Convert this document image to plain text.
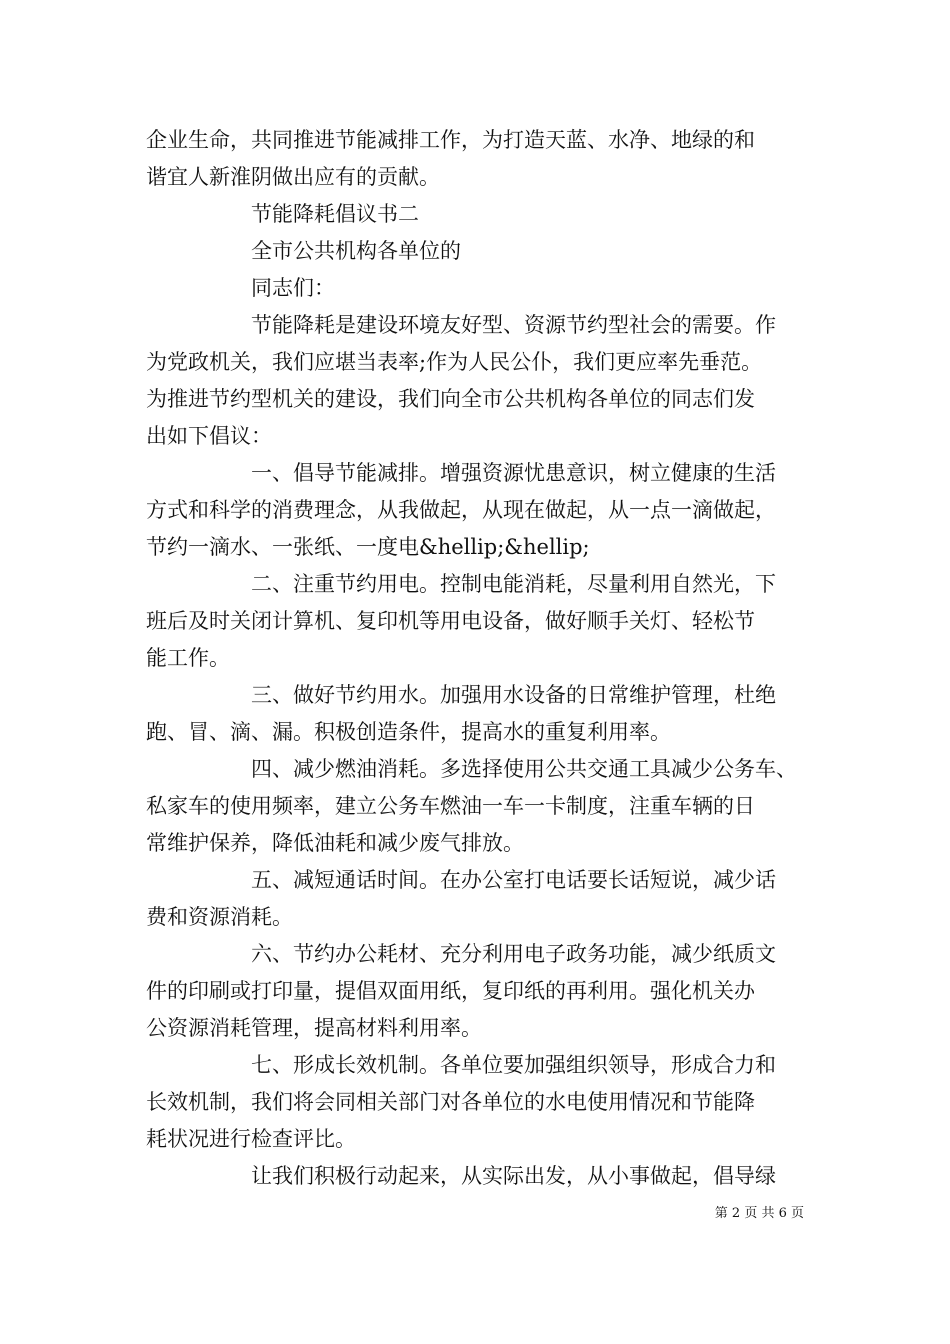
企业生命，共同推进节能减排工作，为打造天蓝、水净、地绿的和
谐宜人新淮阴做出应有的贡献。
　　　　　节能降耗倡议书二
　　　　　全市公共机构各单位的
　　　　　同志们：
　　　　　节能降耗是建设环境友好型、资源节约型社会的需要。作
为党政机关，我们应堪当表率;作为人民公仆，我们更应率先垂范。
为推进节约型机关的建设，我们向全市公共机构各单位的同志们发
出如下倡议：
　　　　　一、倡导节能减排。增强资源忧患意识，树立健康的生活
方式和科学的消费理念，从我做起，从现在做起，从一点一滴做起，
节约一滴水、一张纸、一度电&hellip;&hellip;
　　　　　二、注重节约用电。控制电能消耗，尽量利用自然光，下
班后及时关闭计算机、复印机等用电设备，做好顺手关灯、轻松节
能工作。
　　　　　三、做好节约用水。加强用水设备的日常维护管理，杜绝
跑、冒、滴、漏。积极创造条件，提高水的重复利用率。
　　　　　四、减少燃油消耗。多选择使用公共交通工具减少公务车、
私家车的使用频率，建立公务车燃油一车一卡制度，注重车辆的日
常维护保养，降低油耗和减少废气排放。
　　　　　五、减短通话时间。在办公室打电话要长话短说，减少话
费和资源消耗。
　　　　　六、节约办公耗材、充分利用电子政务功能，减少纸质文
件的印刷或打印量，提倡双面用纸，复印纸的再利用。强化机关办
公资源消耗管理，提高材料利用率。
　　　　　七、形成长效机制。各单位要加强组织领导，形成合力和
长效机制，我们将会同相关部门对各单位的水电使用情况和节能降
耗状况进行检查评比。
　　　　　让我们积极行动起来，从实际出发，从小事做起，倡导绿
第 2 页 共 6 页
